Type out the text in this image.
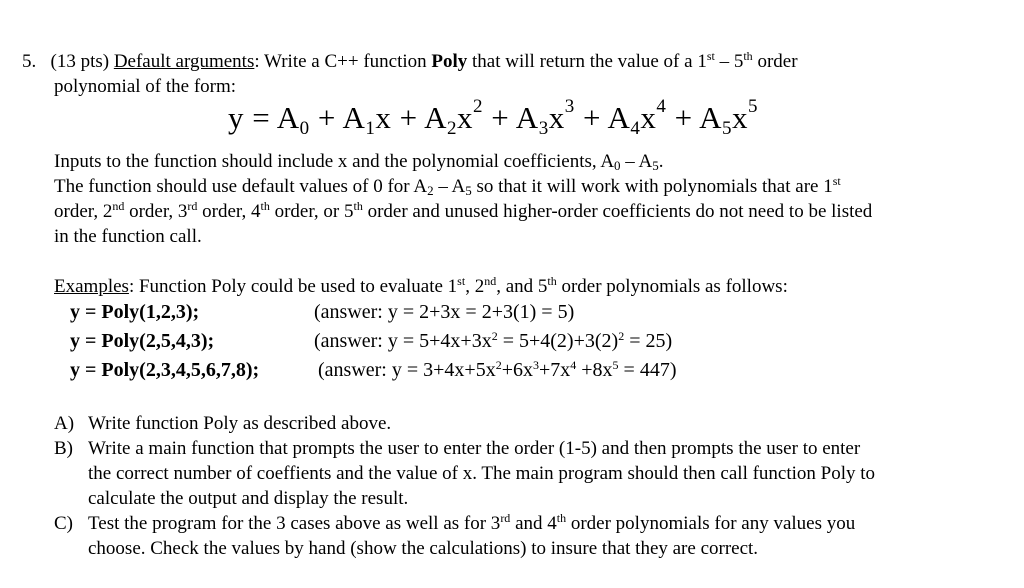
5. (13 pts) Default arguments: Write a C++ function Poly that will return the value of a 1st – 5th order
polynomial of the form:
$y = A0 + A1x + A2x^2 + A3x^3 + A4x^4 + A5x^5$
Inputs to the function should include x and the polynomial coefficients, $A_0 - A_5$.
The function should use default values of 0 for $A_2 - A_5$ so that it will work with polynomials that are 1st
order, 2nd order, 3rd order, 4th order, or 5th order and unused higher-order coefficients do not need to be listed
in the function call.
Examples: Function Poly could be used to evaluate 1st, 2nd, and 5th order polynomials as follows:
y = Poly(1,2,3);	(answer: y = 2+3x = 2+3(1) = 5)
y = Poly(2,5,4,3);	(answer: $y = 5+4x+3x^2 = 5+4(2)+3(2)^2 = 25$)
y = Poly(2,3,4,5,6,7,8);	(answer: $y = 3+4x+5x^2+6x^3+7x^4 +8x^5 = 447$)
A) Write function Poly as described above.
B) Write a main function that prompts the user to enter the order (1-5) and then prompts the user to enter
the correct number of coeffients and the value of x. The main program should then call function Poly to
calculate the output and display the result.
C) Test the program for the 3 cases above as well as for 3rd and 4th order polynomials for any values you
choose. Check the values by hand (show the calculations) to insure that they are correct.
